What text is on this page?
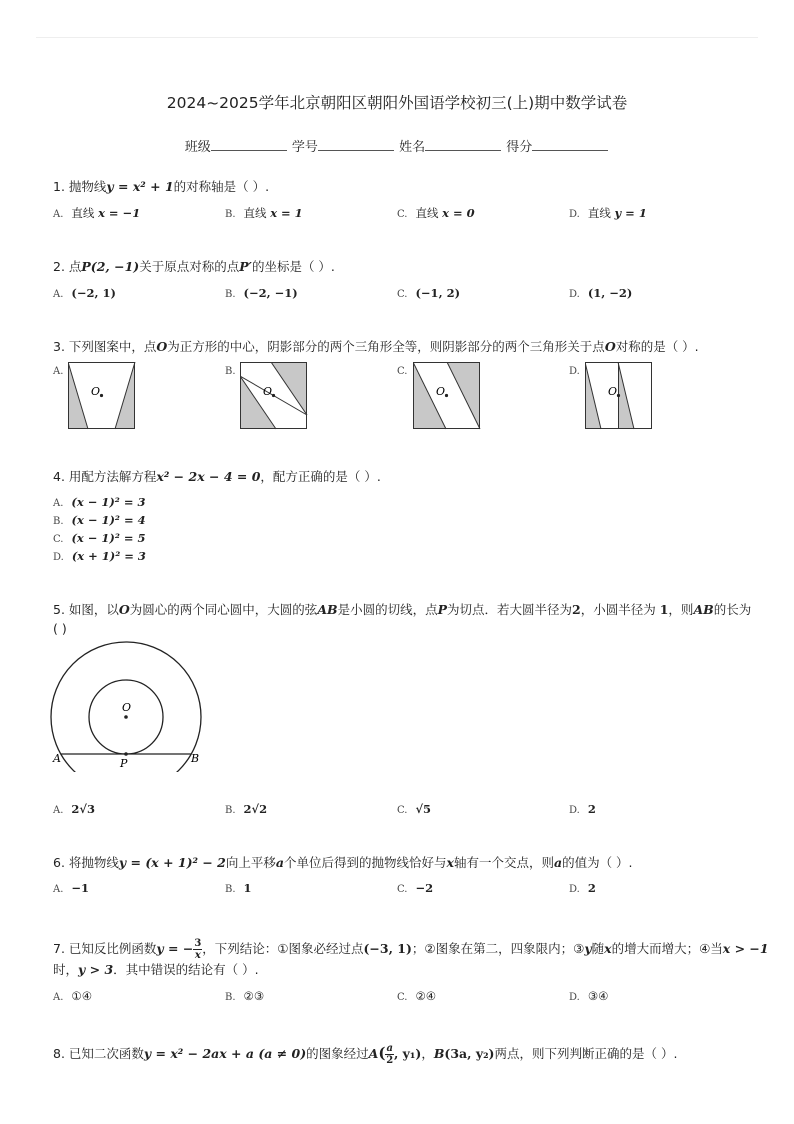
2024~2025学年北京朝阳区朝阳外国语学校初三(上)期中数学试卷
班级	学号	姓名	得分
1. 抛物线y = x² + 1的对称轴是（ ）.
A. 直线 x = −1	B. 直线 x = 1	C. 直线 x = 0	D. 直线 y = 1
2. 点P(2, −1)关于原点对称的点P′的坐标是（ ）.
A. (−2, 1)	B. (−2, −1)	C. (−1, 2)	D. (1, −2)
3. 下列图案中，点O为正方形的中心，阴影部分的两个三角形全等，则阴影部分的两个三角形关于点O对称的是（ ）.
A.
O
B.
O
C.
O
D.
O
4. 用配方法解方程x² − 2x − 4 = 0，配方正确的是（ ）.
A. (x − 1)² = 3
B. (x − 1)² = 4
C. (x − 1)² = 5
D. (x + 1)² = 3
5. 如图，以O为圆心的两个同心圆中，大圆的弦AB是小圆的切线，点P为切点．若大圆半径为2，小圆半径为 1，则AB的长为
( )
O
A	B
P
A. 2√3	B. 2√2	C. √5	D. 2
6. 将抛物线y = (x + 1)² − 2向上平移a个单位后得到的抛物线恰好与x轴有一个交点，则a的值为（ ）.
A. −1	B. 1	C. −2	D. 2
7. 已知反比例函数y = − $\frac{3}{x}$ ，下列结论：①图象必经过点(−3, 1)；②图象在第二，四象限内；③y随x的增大而增大；④当x > −1
时，y > 3．其中错误的结论有（ ）.
A. ①④	B. ②③	C. ②④	D. ③④
8. 已知二次函数y = x² − 2ax + a (a ≠ 0)的图象经过$A( \frac{a}{2}$ , y₁)，B(3a, y₂)两点，则下列判断正确的是（ ）.
